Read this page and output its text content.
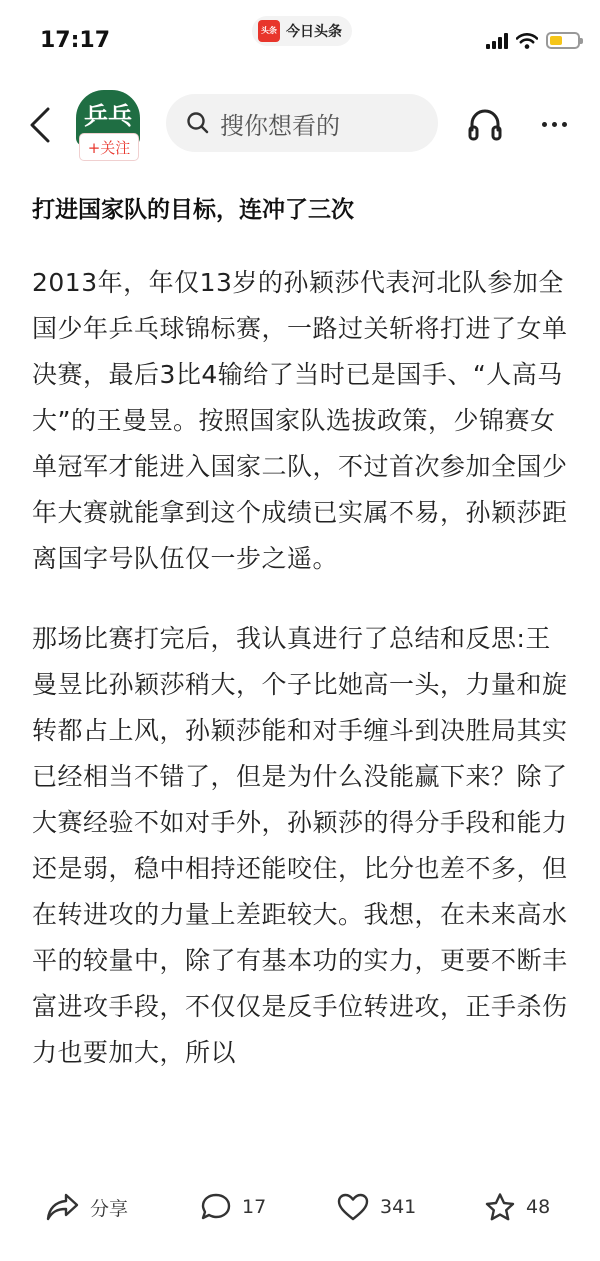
17:17	头条 今日头条
乒乓
+关注
搜你想看的
打进国家队的目标，连冲了三次

2013年，年仅13岁的孙颖莎代表河北队参加全国少年乒乓球锦标赛，一路过关斩将打进了女单决赛，最后3比4输给了当时已是国手、“人高马大”的王曼昱。按照国家队选拔政策，少锦赛女单冠军才能进入国家二队，不过首次参加全国少年大赛就能拿到这个成绩已实属不易，孙颖莎距离国字号队伍仅一步之遥。

那场比赛打完后，我认真进行了总结和反思:王曼昱比孙颖莎稍大，个子比她高一头，力量和旋转都占上风，孙颖莎能和对手缠斗到决胜局其实已经相当不错了，但是为什么没能赢下来？除了大赛经验不如对手外，孙颖莎的得分手段和能力还是弱，稳中相持还能咬住，比分也差不多，但在转进攻的力量上差距较大。我想，在未来高水平的较量中，除了有基本功的实力，更要不断丰富进攻手段，不仅仅是反手位转进攻，正手杀伤力也要加大，所以

分享	17	341	48
